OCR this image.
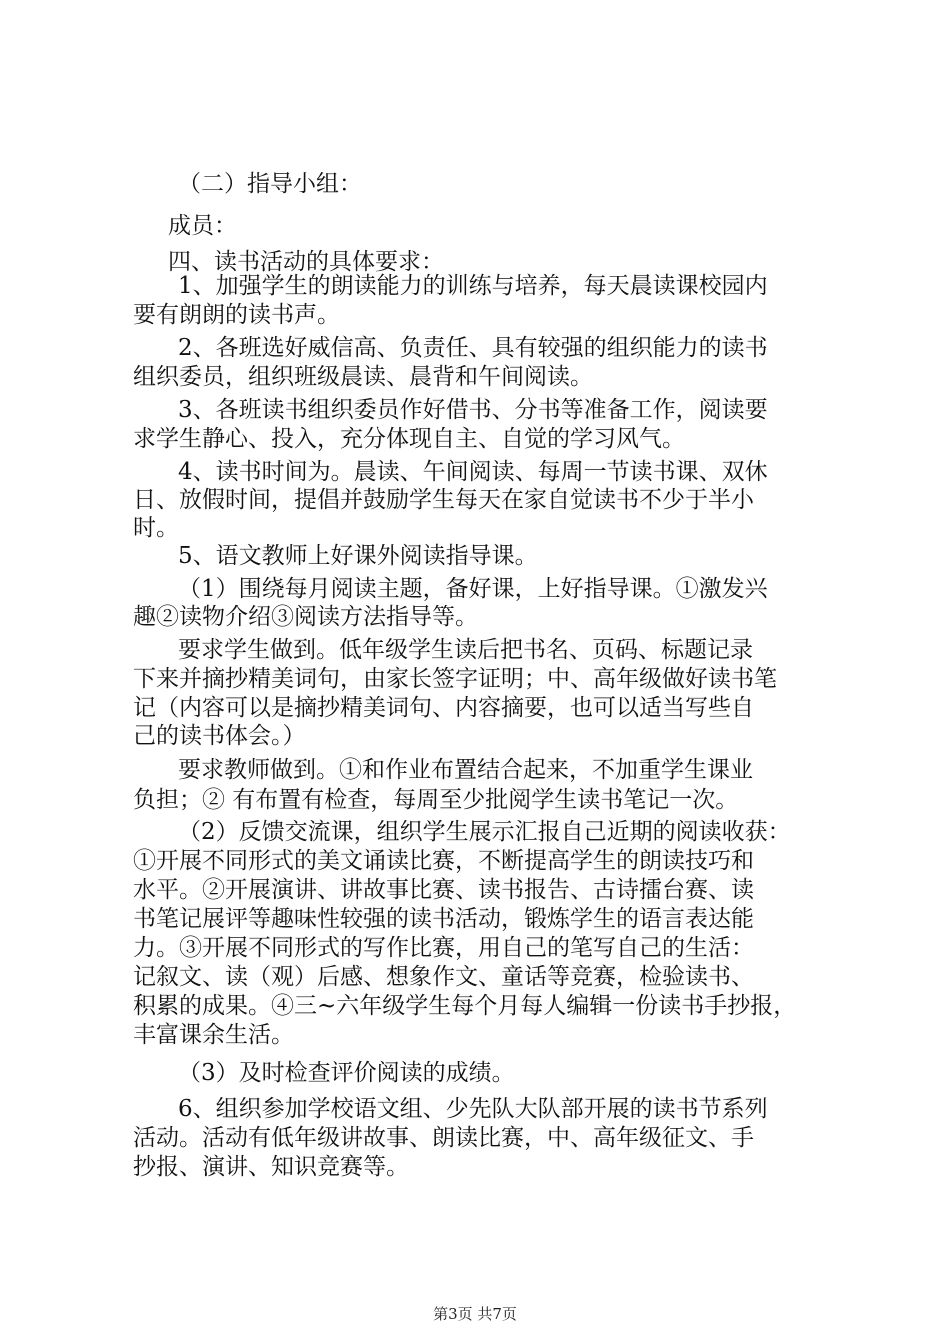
（二）指导小组：
成员：
四、读书活动的具体要求：
1、加强学生的朗读能力的训练与培养，每天晨读课校园内
要有朗朗的读书声。
2、各班选好威信高、负责任、具有较强的组织能力的读书
组织委员，组织班级晨读、晨背和午间阅读。
3、各班读书组织委员作好借书、分书等准备工作，阅读要
求学生静心、投入，充分体现自主、自觉的学习风气。
4、读书时间为。晨读、午间阅读、每周一节读书课、双休
日、放假时间，提倡并鼓励学生每天在家自觉读书不少于半小
时。
5、语文教师上好课外阅读指导课。
（1）围绕每月阅读主题，备好课，上好指导课。①激发兴
趣②读物介绍③阅读方法指导等。
要求学生做到。低年级学生读后把书名、页码、标题记录
下来并摘抄精美词句，由家长签字证明；中、高年级做好读书笔
记（内容可以是摘抄精美词句、内容摘要，也可以适当写些自
己的读书体会。）
要求教师做到。①和作业布置结合起来，不加重学生课业
负担；② 有布置有检查，每周至少批阅学生读书笔记一次。
（2）反馈交流课，组织学生展示汇报自己近期的阅读收获：
①开展不同形式的美文诵读比赛，不断提高学生的朗读技巧和
水平。②开展演讲、讲故事比赛、读书报告、古诗擂台赛、读
书笔记展评等趣味性较强的读书活动，锻炼学生的语言表达能
力。③开展不同形式的写作比赛，用自己的笔写自己的生活：
记叙文、读（观）后感、想象作文、童话等竞赛，检验读书、
积累的成果。④三~六年级学生每个月每人编辑一份读书手抄报，
丰富课余生活。
（3）及时检查评价阅读的成绩。
6、组织参加学校语文组、少先队大队部开展的读书节系列
活动。活动有低年级讲故事、朗读比赛，中、高年级征文、手
抄报、演讲、知识竞赛等。
第3页 共7页
